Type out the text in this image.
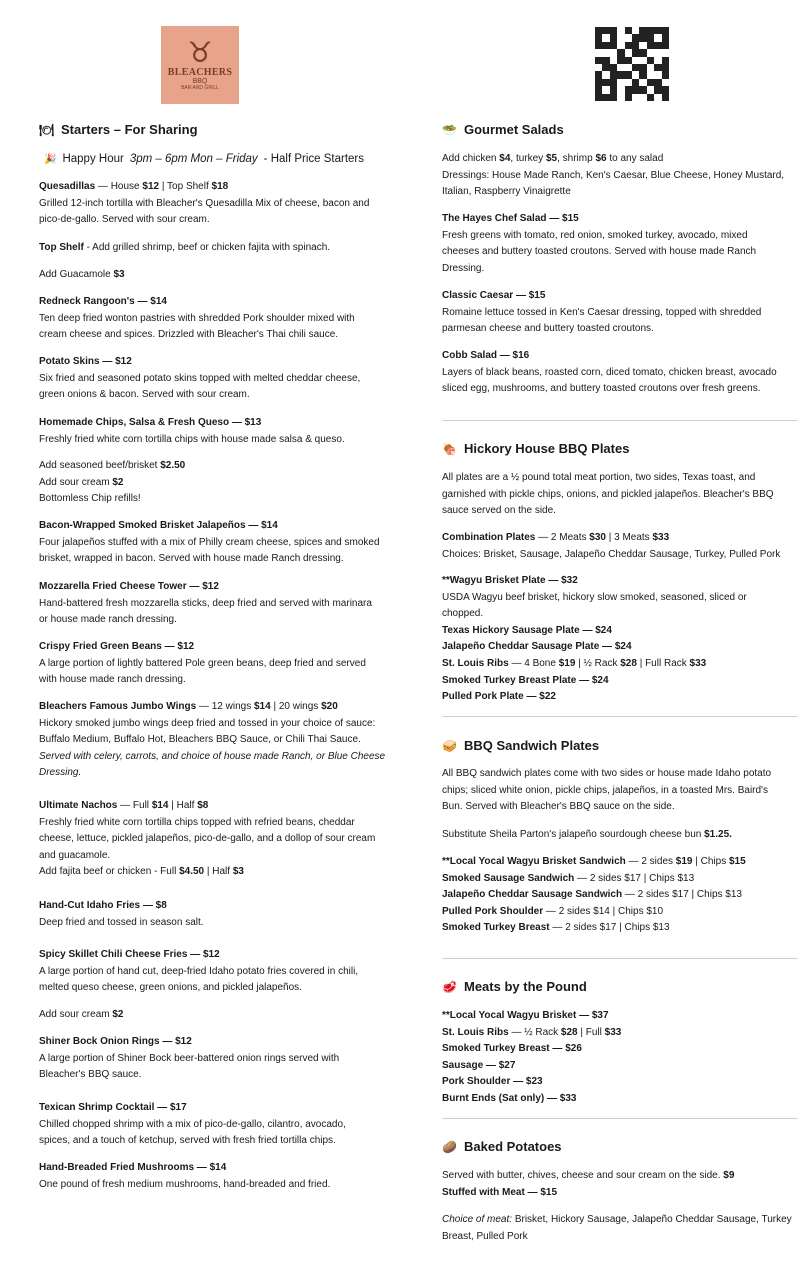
♉
BLEACHERS
BBQ
BAR AND GRILL
🍽 Starters – For Sharing
🎉 Happy Hour 3pm – 6pm Mon – Friday - Half Price Starters
Quesadillas — House $12 | Top Shelf $18
Grilled 12-inch tortilla with Bleacher's Quesadilla Mix of cheese, bacon and
pico-de-gallo. Served with sour cream.
Top Shelf - Add grilled shrimp, beef or chicken fajita with spinach.
Add Guacamole $3
Redneck Rangoon's — $14
Ten deep fried wonton pastries with shredded Pork shoulder mixed with
cream cheese and spices. Drizzled with Bleacher's Thai chili sauce.
Potato Skins — $12
Six fried and seasoned potato skins topped with melted cheddar cheese,
green onions & bacon. Served with sour cream.
Homemade Chips, Salsa & Fresh Queso — $13
Freshly fried white corn tortilla chips with house made salsa & queso.
Add seasoned beef/brisket $2.50
Add sour cream $2
Bottomless Chip refills!
Bacon-Wrapped Smoked Brisket Jalapeños — $14
Four jalapeños stuffed with a mix of Philly cream cheese, spices and smoked
brisket, wrapped in bacon. Served with house made Ranch dressing.
Mozzarella Fried Cheese Tower — $12
Hand-battered fresh mozzarella sticks, deep fried and served with marinara
or house made ranch dressing.
Crispy Fried Green Beans — $12
A large portion of lightly battered Pole green beans, deep fried and served
with house made ranch dressing.
Bleachers Famous Jumbo Wings — 12 wings $14 | 20 wings $20
Hickory smoked jumbo wings deep fried and tossed in your choice of sauce:
Buffalo Medium, Buffalo Hot, Bleachers BBQ Sauce, or Chili Thai Sauce.
Served with celery, carrots, and choice of house made Ranch, or Blue Cheese
Dressing.
Ultimate Nachos — Full $14 | Half $8
Freshly fried white corn tortilla chips topped with refried beans, cheddar
cheese, lettuce, pickled jalapeños, pico-de-gallo, and a dollop of sour cream
and guacamole.
Add fajita beef or chicken - Full $4.50 | Half $3
Hand-Cut Idaho Fries — $8
Deep fried and tossed in season salt.
Spicy Skillet Chili Cheese Fries — $12
A large portion of hand cut, deep-fried Idaho potato fries covered in chili,
melted queso cheese, green onions, and pickled jalapeños.
Add sour cream $2
Shiner Bock Onion Rings — $12
A large portion of Shiner Bock beer-battered onion rings served with
Bleacher's BBQ sauce.
Texican Shrimp Cocktail — $17
Chilled chopped shrimp with a mix of pico-de-gallo, cilantro, avocado,
spices, and a touch of ketchup, served with fresh fried tortilla chips.
Hand-Breaded Fried Mushrooms — $14
One pound of fresh medium mushrooms, hand-breaded and fried.
🥗 Gourmet Salads
Add chicken $4, turkey $5, shrimp $6 to any salad
Dressings: House Made Ranch, Ken's Caesar, Blue Cheese, Honey Mustard,
Italian, Raspberry Vinaigrette
The Hayes Chef Salad — $15
Fresh greens with tomato, red onion, smoked turkey, avocado, mixed
cheeses and buttery toasted croutons. Served with house made Ranch
Dressing.
Classic Caesar — $15
Romaine lettuce tossed in Ken's Caesar dressing, topped with shredded
parmesan cheese and buttery toasted croutons.
Cobb Salad — $16
Layers of black beans, roasted corn, diced tomato, chicken breast, avocado
sliced egg, mushrooms, and buttery toasted croutons over fresh greens.
🍖 Hickory House BBQ Plates
All plates are a ½ pound total meat portion, two sides, Texas toast, and
garnished with pickle chips, onions, and pickled jalapeños. Bleacher's BBQ
sauce served on the side.
Combination Plates — 2 Meats $30 | 3 Meats $33
Choices: Brisket, Sausage, Jalapeño Cheddar Sausage, Turkey, Pulled Pork
**Wagyu Brisket Plate — $32
USDA Wagyu beef brisket, hickory slow smoked, seasoned, sliced or
chopped.
Texas Hickory Sausage Plate — $24
Jalapeño Cheddar Sausage Plate — $24
St. Louis Ribs — 4 Bone $19 | ½ Rack $28 | Full Rack $33
Smoked Turkey Breast Plate — $24
Pulled Pork Plate — $22
🥪 BBQ Sandwich Plates
All BBQ sandwich plates come with two sides or house made Idaho potato
chips; sliced white onion, pickle chips, jalapeños, in a toasted Mrs. Baird's
Bun. Served with Bleacher's BBQ sauce on the side.
Substitute Sheila Parton's jalapeño sourdough cheese bun $1.25.
**Local Yocal Wagyu Brisket Sandwich — 2 sides $19 | Chips $15
Smoked Sausage Sandwich — 2 sides $17 | Chips $13
Jalapeño Cheddar Sausage Sandwich — 2 sides $17 | Chips $13
Pulled Pork Shoulder — 2 sides $14 | Chips $10
Smoked Turkey Breast — 2 sides $17 | Chips $13
🥩 Meats by the Pound
**Local Yocal Wagyu Brisket — $37
St. Louis Ribs — ½ Rack $28 | Full $33
Smoked Turkey Breast — $26
Sausage — $27
Pork Shoulder — $23
Burnt Ends (Sat only) — $33
🥔 Baked Potatoes
Served with butter, chives, cheese and sour cream on the side. $9
Stuffed with Meat — $15
Choice of meat: Brisket, Hickory Sausage, Jalapeño Cheddar Sausage, Turkey
Breast, Pulled Pork
